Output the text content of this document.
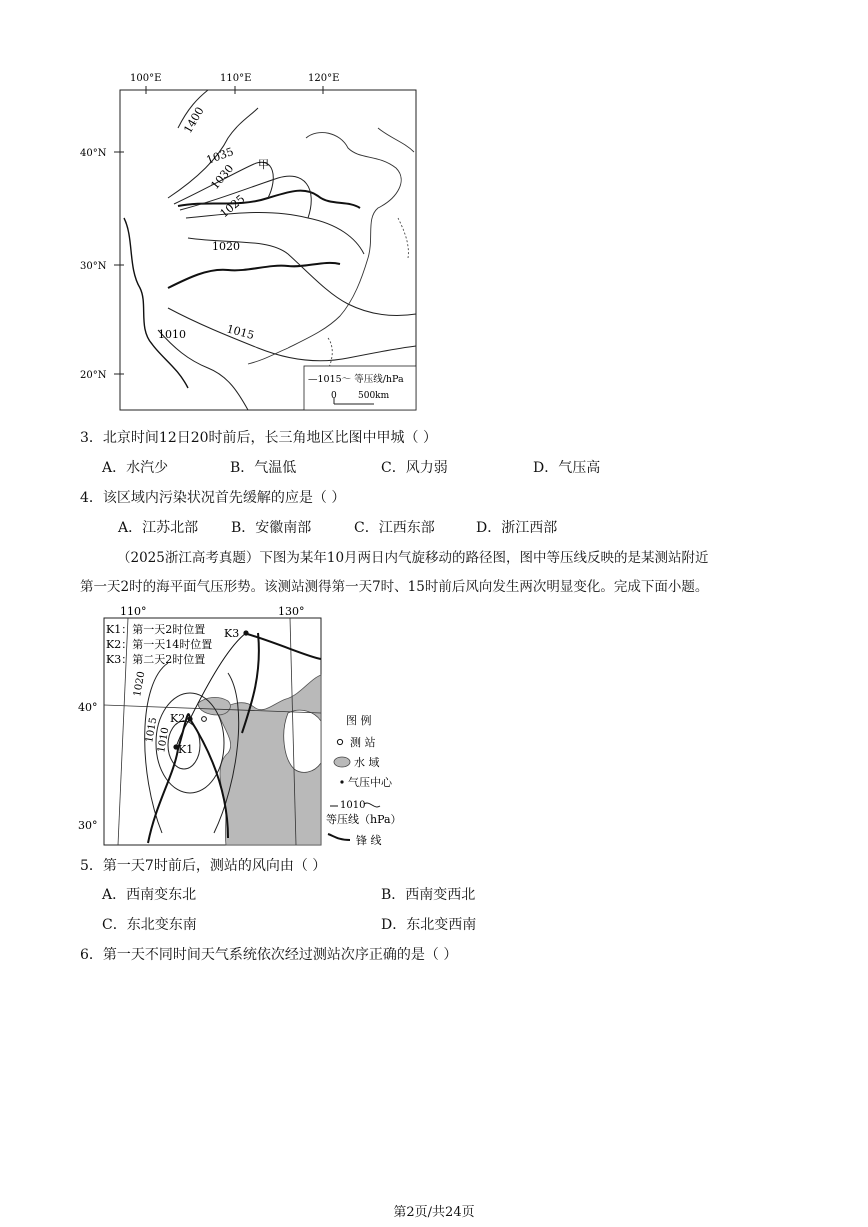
100°E	110°E	120°E
40°N
30°N
20°N
1400
1035
1030
1025
1020
1015
1010
甲
—1015～ 等压线/hPa
0 500km
3．北京时间12日20时前后，长三角地区比图中甲城（ ）
A．水汽少	B．气温低	C．风力弱	D．气压高
4．该区域内污染状况首先缓解的应是（ ）
A．江苏北部 B．安徽南部	C．江西东部	D．浙江西部
（2025浙江高考真题）下图为某年10月两日内气旋移动的路径图，图中等压线反映的是某测站附近
第一天2时的海平面气压形势。该测站测得第一天7时、15时前后风向发生两次明显变化。完成下面小题。
110°	130°
40°
30°
K1：第一天2时位置
K2：第一天14时位置
K3：第二天2时位置
1020
1015
1010 K1
K2
K3
图 例
测 站
水 域
气压中心
1010
等压线（hPa）
锋 线
5．第一天7时前后，测站的风向由（ ）
A．西南变东北	B．西南变西北
C．东北变东南	D．东北变西南
6．第一天不同时间天气系统依次经过测站次序正确的是（ ）
第2页/共24页
